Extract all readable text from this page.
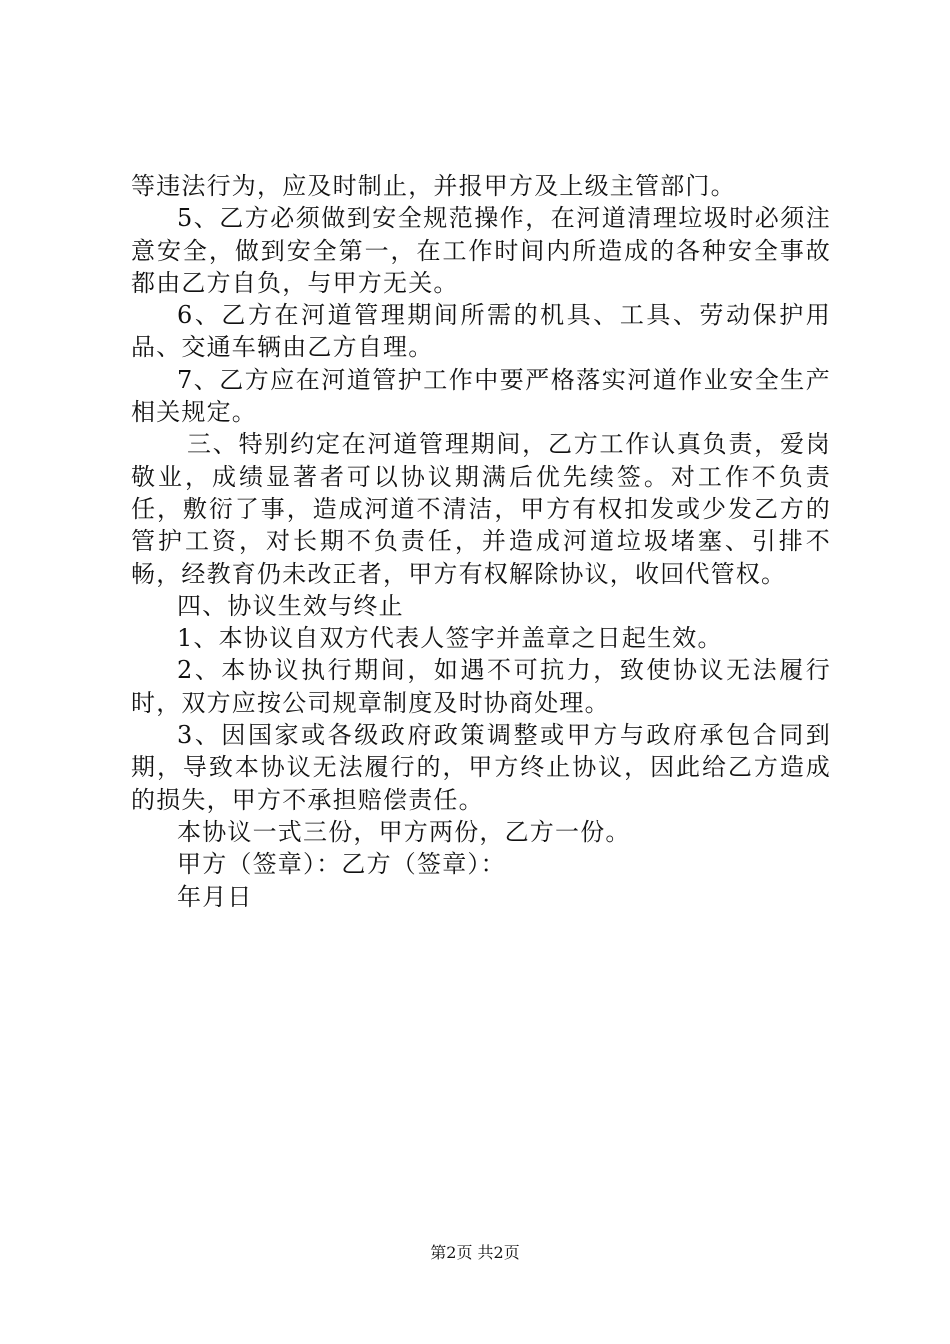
等违法行为，应及时制止，并报甲方及上级主管部门。

5、乙方必须做到安全规范操作，在河道清理垃圾时必须注意安全，做到安全第一，在工作时间内所造成的各种安全事故都由乙方自负，与甲方无关。

6、乙方在河道管理期间所需的机具、工具、劳动保护用品、交通车辆由乙方自理。

7、乙方应在河道管护工作中要严格落实河道作业安全生产相关规定。

三、特别约定在河道管理期间，乙方工作认真负责，爱岗敬业，成绩显著者可以协议期满后优先续签。对工作不负责任，敷衍了事，造成河道不清洁，甲方有权扣发或少发乙方的管护工资，对长期不负责任，并造成河道垃圾堵塞、引排不畅，经教育仍未改正者，甲方有权解除协议，收回代管权。

四、协议生效与终止

1、本协议自双方代表人签字并盖章之日起生效。

2、本协议执行期间，如遇不可抗力，致使协议无法履行时，双方应按公司规章制度及时协商处理。

3、因国家或各级政府政策调整或甲方与政府承包合同到期，导致本协议无法履行的，甲方终止协议，因此给乙方造成的损失，甲方不承担赔偿责任。

本协议一式三份，甲方两份，乙方一份。

甲方（签章）：乙方（签章）：

年月日

第2页 共2页
